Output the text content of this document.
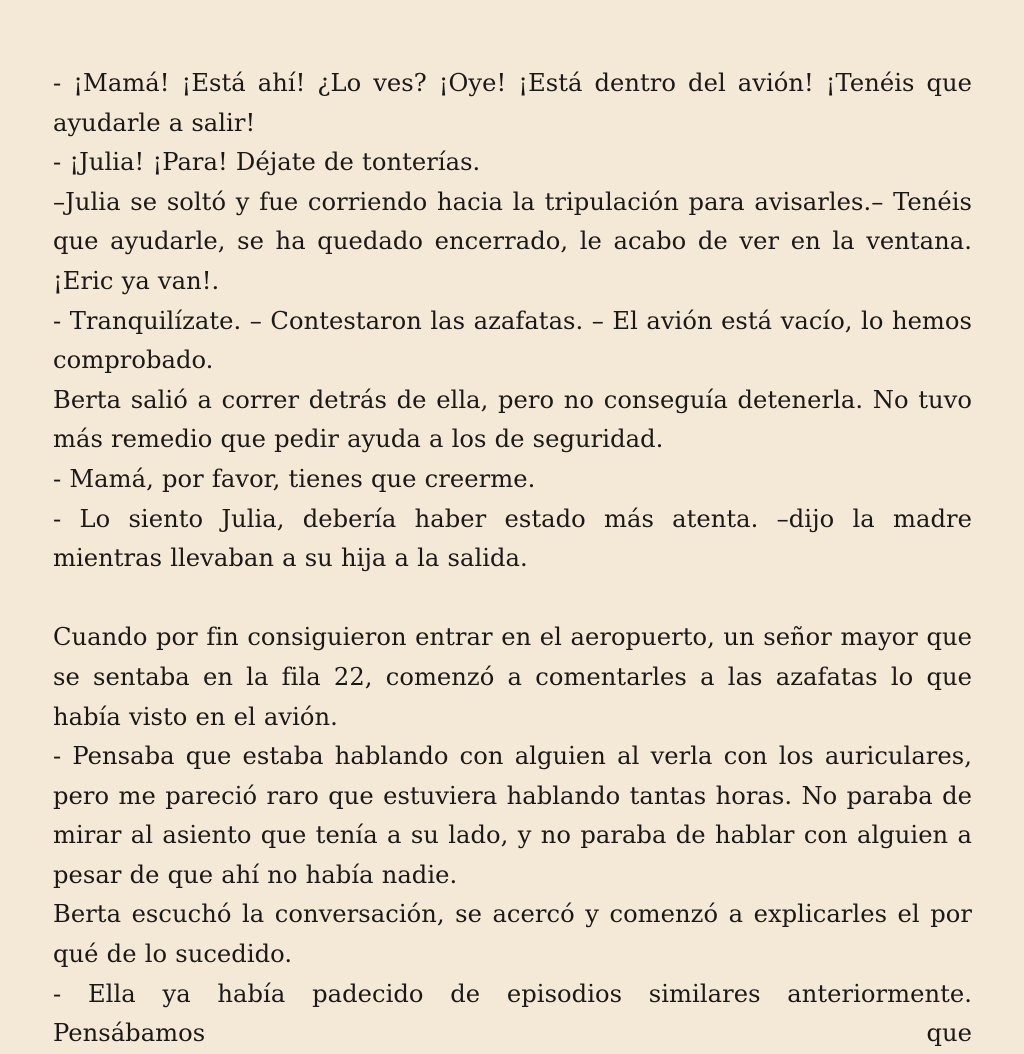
- ¡Mamá! ¡Está ahí! ¿Lo ves? ¡Oye! ¡Está dentro del avión! ¡Tenéis que ayudarle a salir!

- ¡Julia! ¡Para! Déjate de tonterías.

–Julia se soltó y fue corriendo hacia la tripulación para avisarles.– Tenéis que ayudarle, se ha quedado encerrado, le acabo de ver en la ventana. ¡Eric ya van!.

- Tranquilízate. – Contestaron las azafatas. – El avión está vacío, lo hemos comprobado.

Berta salió a correr detrás de ella, pero no conseguía detenerla. No tuvo más remedio que pedir ayuda a los de seguridad.

- Mamá, por favor, tienes que creerme.

- Lo siento Julia, debería haber estado más atenta. –dijo la madre mientras llevaban a su hija a la salida.

Cuando por fin consiguieron entrar en el aeropuerto, un señor mayor que se sentaba en la fila 22, comenzó a comentarles a las azafatas lo que había visto en el avión.

- Pensaba que estaba hablando con alguien al verla con los auriculares, pero me pareció raro que estuviera hablando tantas horas. No paraba de mirar al asiento que tenía a su lado, y no paraba de hablar con alguien a pesar de que ahí no había nadie.

Berta escuchó la conversación, se acercó y comenzó a explicarles el por qué de lo sucedido.

- Ella ya había padecido de episodios similares anteriormente. Pensábamos que
